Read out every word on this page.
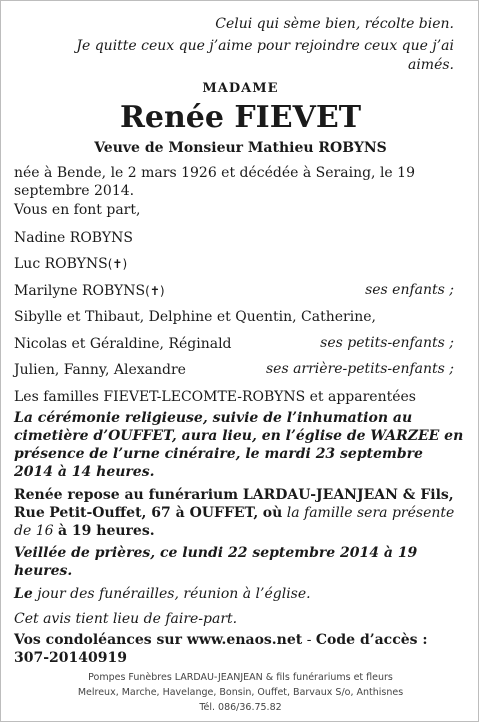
Celui qui sème bien, récolte bien.
Je quitte ceux que j’aime pour rejoindre ceux que j’ai aimés.
MADAME
Renée FIEVET
Veuve de Monsieur Mathieu ROBYNS
née à Bende, le 2 mars 1926 et décédée à Seraing, le 19 septembre 2014.
Vous en font part,
Nadine ROBYNS
Luc ROBYNS(✝)
Marilyne ROBYNS(✝)	ses enfants ;
Sibylle et Thibaut, Delphine et Quentin, Catherine,
Nicolas et Géraldine, Réginald	ses petits-enfants ;
Julien, Fanny, Alexandre	ses arrière-petits-enfants ;
Les familles FIEVET-LECOMTE-ROBYNS et apparentées
La cérémonie religieuse, suivie de l’inhumation au cimetière d’OUFFET, aura lieu, en l’église de WARZEE en présence de l’urne cinéraire, le mardi 23 septembre 2014 à 14 heures.
Renée repose au funérarium LARDAU-JEANJEAN & Fils, Rue Petit-Ouffet, 67 à OUFFET, où la famille sera présente de 16 à 19 heures.
Veillée de prières, ce lundi 22 septembre 2014 à 19 heures.
Le jour des funérailles, réunion à l’église.
Cet avis tient lieu de faire-part.
Vos condoléances sur www.enaos.net - Code d’accès : 307-20140919
Pompes Funèbres LARDAU-JEANJEAN & fils funérariums et fleurs
Melreux, Marche, Havelange, Bonsin, Ouffet, Barvaux S/o, Anthisnes
Tél. 086/36.75.82
